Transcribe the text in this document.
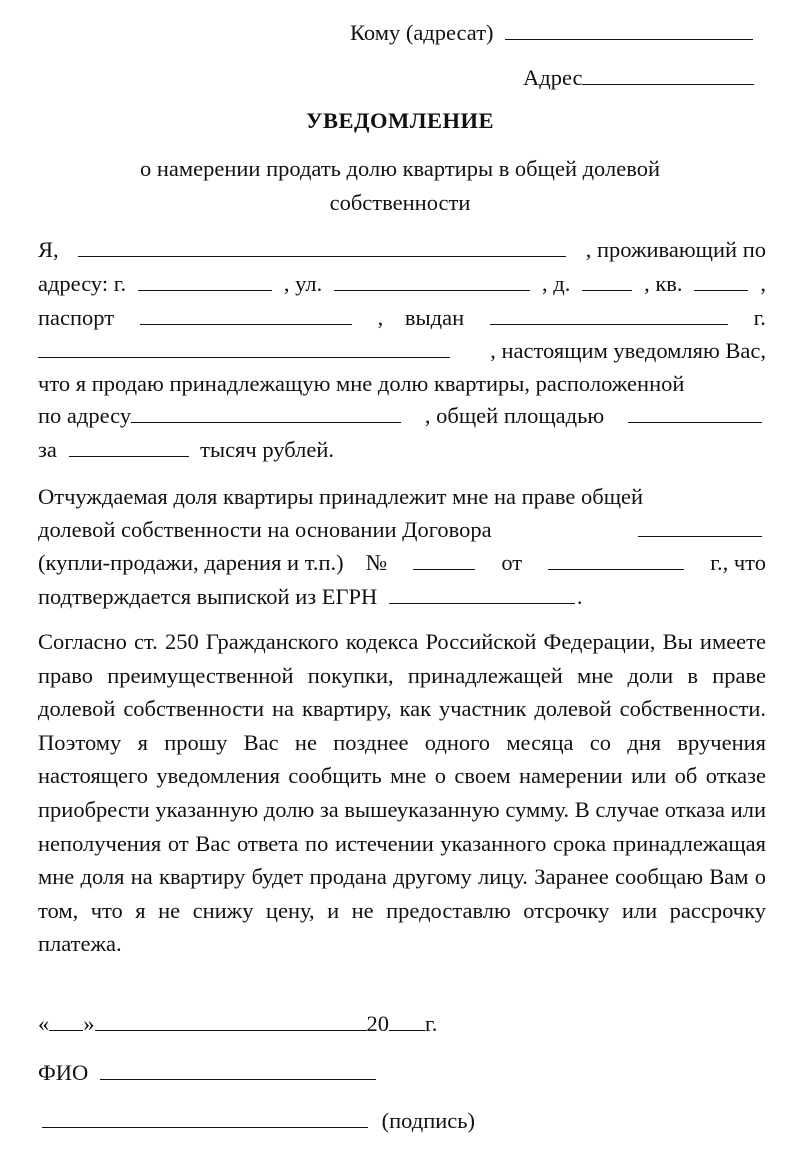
Кому (адресат)
Адрес
УВЕДОМЛЕНИЕ
о намерении продать долю квартиры в общей долевой
собственности
Я,	, проживающий по
адресу: г.	, ул.	, д.	, кв.	,
паспорт	, выдан	г.
, настоящим уведомляю Вас,
что я продаю принадлежащую мне долю квартиры, расположенной
по адресу	, общей площадью
за	тысяч рублей.
Отчуждаемая доля квартиры принадлежит мне на праве общей
долевой собственности на основании Договора
(купли-продажи, дарения и т.п.) №	от	г., что
подтверждается выпиской из ЕГРН	.
Согласно ст. 250 Гражданского кодекса Российской Федерации, Вы имеете право преимущественной покупки, принадлежащей мне доли в праве долевой собственности на квартиру, как участник долевой собственности. Поэтому я прошу Вас не позднее одного месяца со дня вручения настоящего уведомления сообщить мне о своем намерении или об отказе приобрести указанную долю за вышеуказанную сумму. В случае отказа или неполучения от Вас ответа по истечении указанного срока принадлежащая мне доля на квартиру будет продана другому лицу. Заранее сообщаю Вам о том, что я не снижу цену, и не предоставлю отсрочку или рассрочку платежа.
« »	20 г.
ФИО
(подпись)
